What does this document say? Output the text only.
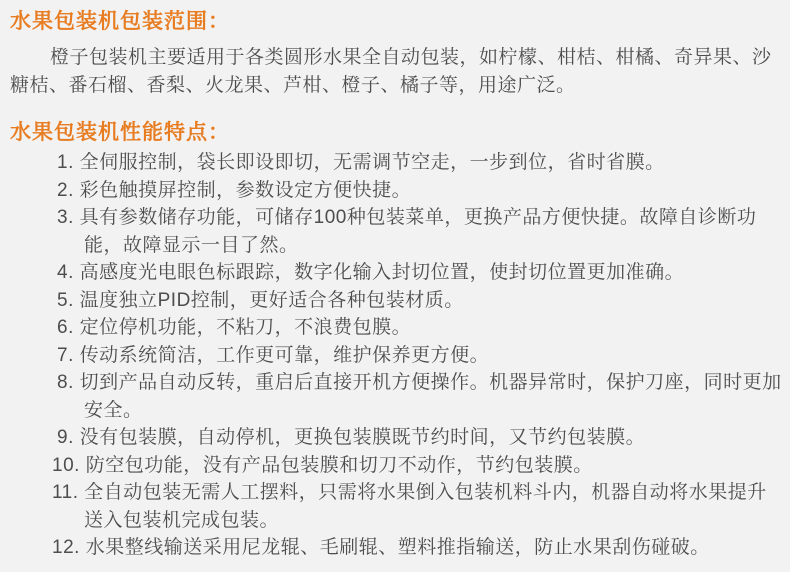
水果包装机包装范围：

橙子包装机主要适用于各类圆形水果全自动包装，如柠檬、柑桔、柑橘、奇异果、沙糖桔、番石榴、香梨、火龙果、芦柑、橙子、橘子等，用途广泛。

水果包装机性能特点：
1. 全伺服控制，袋长即设即切，无需调节空走，一步到位，省时省膜。
2. 彩色触摸屏控制，参数设定方便快捷。
3. 具有参数储存功能，可储存100种包装菜单，更换产品方便快捷。故障自诊断功能，故障显示一目了然。
4. 高感度光电眼色标跟踪，数字化输入封切位置，使封切位置更加准确。
5. 温度独立PID控制，更好适合各种包装材质。
6. 定位停机功能，不粘刀，不浪费包膜。
7. 传动系统简洁，工作更可靠，维护保养更方便。
8. 切到产品自动反转，重启后直接开机方便操作。机器异常时，保护刀座，同时更加安全。
9. 没有包装膜，自动停机，更换包装膜既节约时间，又节约包装膜。
10. 防空包功能，没有产品包装膜和切刀不动作，节约包装膜。
11. 全自动包装无需人工摆料，只需将水果倒入包装机料斗内，机器自动将水果提升送入包装机完成包装。
12. 水果整线输送采用尼龙辊、毛刷辊、塑料推指输送，防止水果刮伤碰破。
